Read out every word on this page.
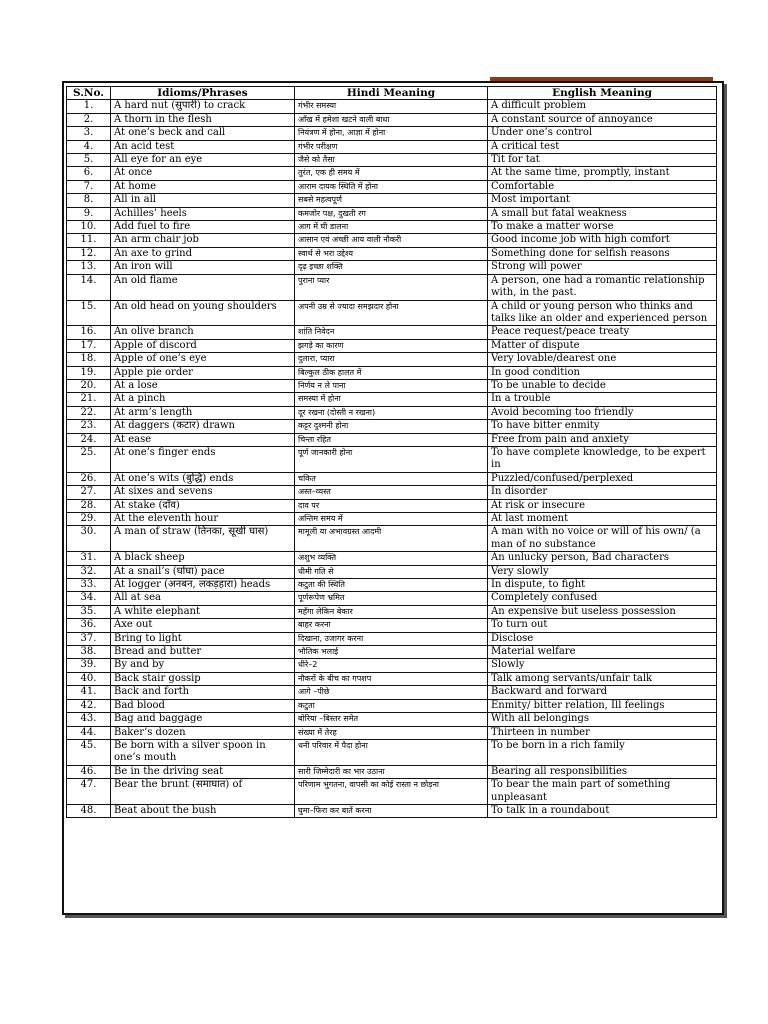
S.No.	Idioms/Phrases	Hindi Meaning	English Meaning
1.	A hard nut (सुपारी) to crack	गंभीर समस्या	A difficult problem
2.	A thorn in the flesh	आँख में हमेशा खटने वाली बाधा	A constant source of annoyance
3.	At one’s beck and call	नियंत्रण में होना, आज्ञा में होना	Under one’s control
4.	An acid test	गंभीर परीक्षण	A critical test
5.	All eye for an eye	जैसे को तैसा	Tit for tat
6.	At once	तुरंत, एक ही समय में	At the same time, promptly, instant
7.	At home	आराम दायक स्थिति में होना	Comfortable
8.	All in all	सबसे महत्वपूर्ण	Most important
9.	Achilles’ heels	कमजोर पक्ष, दुखती रग	A small but fatal weakness
10.	Add fuel to fire	आग में घी डालना	To make a matter worse
11.	An arm chair job	आसान एवं अच्छी आय वाली नौकरी	Good income job with high comfort
12.	An axe to grind	स्वार्थ से भरा उद्देश्य	Something done for selfish reasons
13.	An iron will	दृढ़ इच्छा शक्ति	Strong will power
14.	An old flame	पुराना प्यार	A person, one had a romantic relationship with, in the past.
15.	An old head on young shoulders	अपनी उम्र से ज्यादा समझदार होना	A child or young person who thinks and talks like an older and experienced person
16.	An olive branch	शांति निवेदन	Peace request/peace treaty
17.	Apple of discord	झगड़े का कारण	Matter of dispute
18.	Apple of one’s eye	दुलारा, प्यारा	Very lovable/dearest one
19.	Apple pie order	बिल्कुल ठीक हालत में	In good condition
20.	At a lose	निर्णय न ले पाना	To be unable to decide
21.	At a pinch	समस्या में होना	In a trouble
22.	At arm’s length	दूर रखना (दोस्ती न रखना)	Avoid becoming too friendly
23.	At daggers (कटार) drawn	कट्टर दुश्मनी होना	To have bitter enmity
24.	At ease	चिन्ता रहित	Free from pain and anxiety
25.	At one’s finger ends	पूर्ण जानकारी होना	To have complete knowledge, to be expert in
26.	At one’s wits (बुद्धि) ends	चकित	Puzzled/confused/perplexed
27.	At sixes and sevens	अस्त–व्यस्त	In disorder
28.	At stake (दाँव)	दाव पर	At risk or insecure
29.	At the eleventh hour	अन्तिम समय में	At last moment
30.	A man of straw (तिनका, सूखी घास)	मामूली या अभावग्रस्त आदमी	A man with no voice or will of his own/ (a man of no substance
31.	A black sheep	अशुभ व्यक्ति	An unlucky person, Bad characters
32.	At a snail’s (घोंघा) pace	धीमी गति से	Very slowly
33.	At logger (अनबन, लकड़हारा) heads	कटुता की स्थिति	In dispute, to fight
34.	All at sea	पूर्णरूपेण भ्रमित	Completely confused
35.	A white elephant	महँगा लेकिन बेकार	An expensive but useless possession
36.	Axe out	बाहर करना	To turn out
37.	Bring to light	दिखाना, उजागर करना	Disclose
38.	Bread and butter	भौतिक भलाई	Material welfare
39.	By and by	धीरे–2	Slowly
40.	Back stair gossip	नौकरों के बीच का गपशप	Talk among servants/unfair talk
41.	Back and forth	आगे –पीछे	Backward and forward
42.	Bad blood	कटुता	Enmity/ bitter relation, Ill feelings
43.	Bag and baggage	बोरिया –बिस्तर समेत	With all belongings
44.	Baker’s dozen	संख्या में तेरह	Thirteen in number
45.	Be born with a silver spoon in one’s mouth	धनी परिवार में पैदा होना	To be born in a rich family
46.	Be in the driving seat	सारी जिम्मेदारी का भार उठाना	Bearing all responsibilities
47.	Bear the brunt (समाघात) of	परिणाम भुगतना, वापसी का कोई रास्ता न छोड़ना	To bear the main part of something unpleasant
48.	Beat about the bush	घुमा–फिरा कर बातें करना	To talk in a roundabout
